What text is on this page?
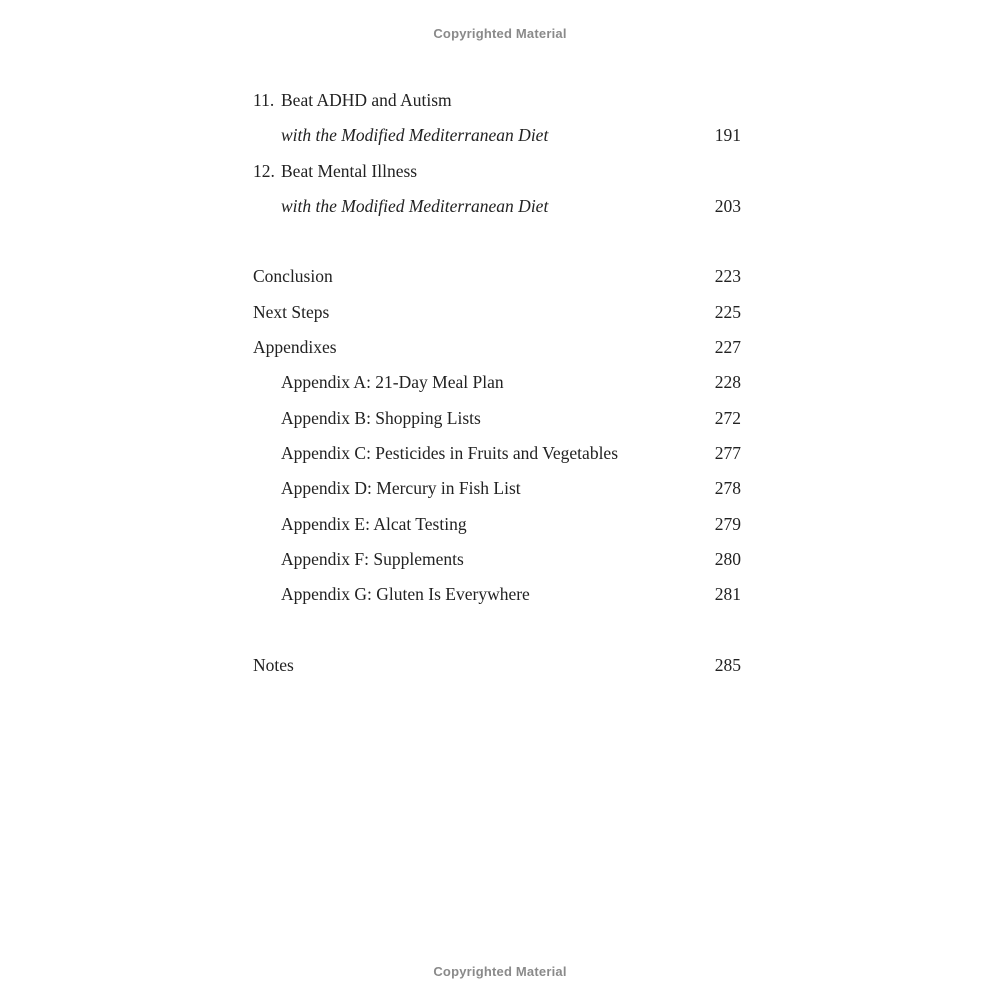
Copyrighted Material
11. Beat ADHD and Autism
with the Modified Mediterranean Diet	191
12. Beat Mental Illness
with the Modified Mediterranean Diet	203
Conclusion	223
Next Steps	225
Appendixes	227
Appendix A: 21-Day Meal Plan	228
Appendix B: Shopping Lists	272
Appendix C: Pesticides in Fruits and Vegetables	277
Appendix D: Mercury in Fish List	278
Appendix E: Alcat Testing	279
Appendix F: Supplements	280
Appendix G: Gluten Is Everywhere	281
Notes	285
Copyrighted Material
